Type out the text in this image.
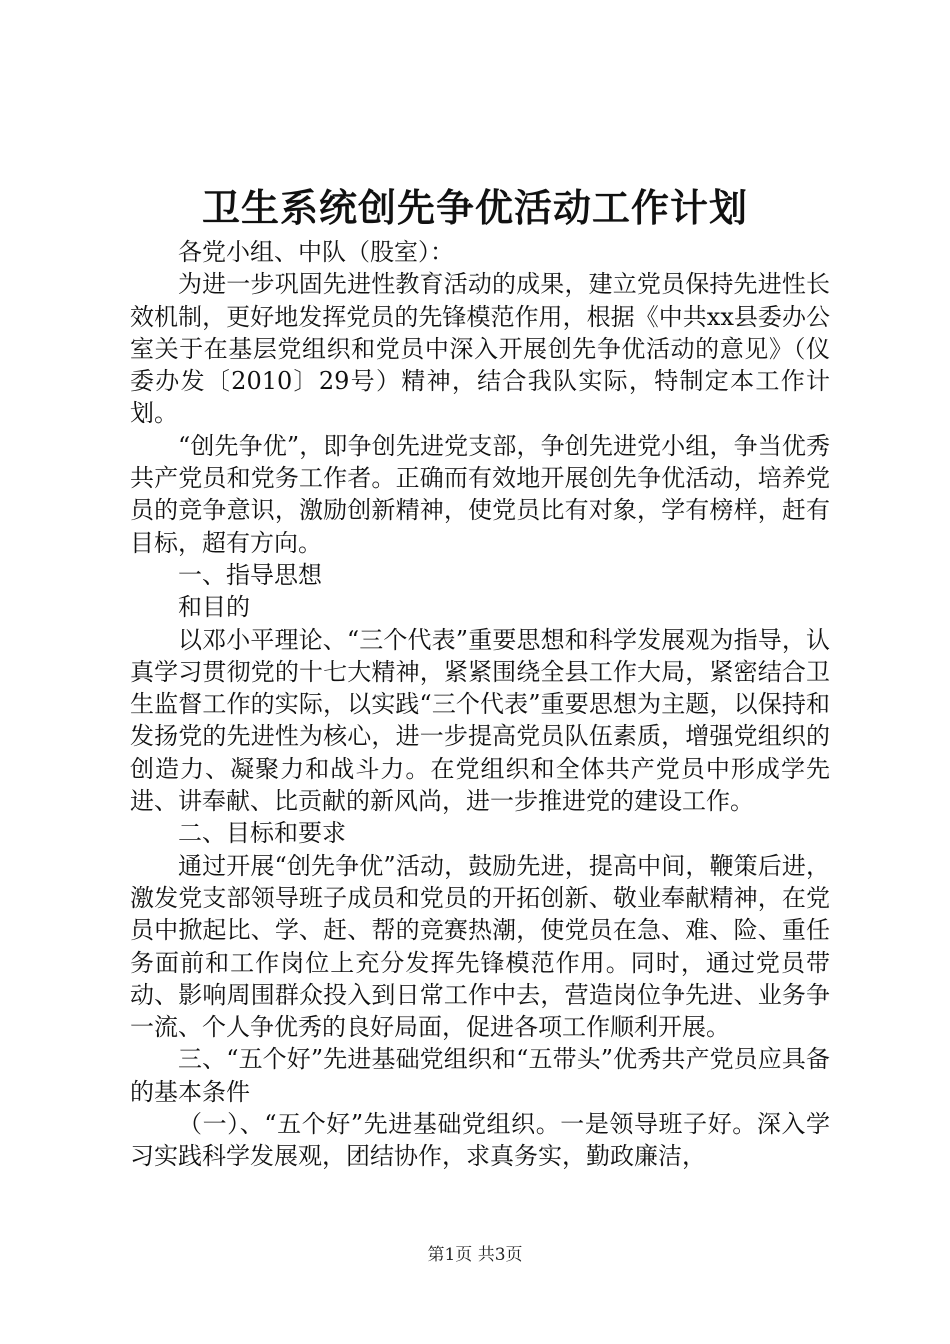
卫生系统创先争优活动工作计划

各党小组、中队（股室）：

为进一步巩固先进性教育活动的成果，建立党员保持先进性长效机制，更好地发挥党员的先锋模范作用，根据《中共xx县委办公室关于在基层党组织和党员中深入开展创先争优活动的意见》（仪委办发〔2010〕29号）精神，结合我队实际，特制定本工作计划。

“创先争优”，即争创先进党支部，争创先进党小组，争当优秀共产党员和党务工作者。正确而有效地开展创先争优活动，培养党员的竞争意识，激励创新精神，使党员比有对象，学有榜样，赶有目标，超有方向。

一、指导思想

和目的

以邓小平理论、“三个代表”重要思想和科学发展观为指导，认真学习贯彻党的十七大精神，紧紧围绕全县工作大局，紧密结合卫生监督工作的实际，以实践“三个代表”重要思想为主题，以保持和发扬党的先进性为核心，进一步提高党员队伍素质，增强党组织的创造力、凝聚力和战斗力。在党组织和全体共产党员中形成学先进、讲奉献、比贡献的新风尚，进一步推进党的建设工作。

二、目标和要求

通过开展“创先争优”活动，鼓励先进，提高中间，鞭策后进，激发党支部领导班子成员和党员的开拓创新、敬业奉献精神，在党员中掀起比、学、赶、帮的竞赛热潮，使党员在急、难、险、重任务面前和工作岗位上充分发挥先锋模范作用。同时，通过党员带动、影响周围群众投入到日常工作中去，营造岗位争先进、业务争一流、个人争优秀的良好局面，促进各项工作顺利开展。

三、“五个好”先进基础党组织和“五带头”优秀共产党员应具备的基本条件

（一）、“五个好”先进基础党组织。一是领导班子好。深入学习实践科学发展观，团结协作，求真务实，勤政廉洁，

第1页 共3页
